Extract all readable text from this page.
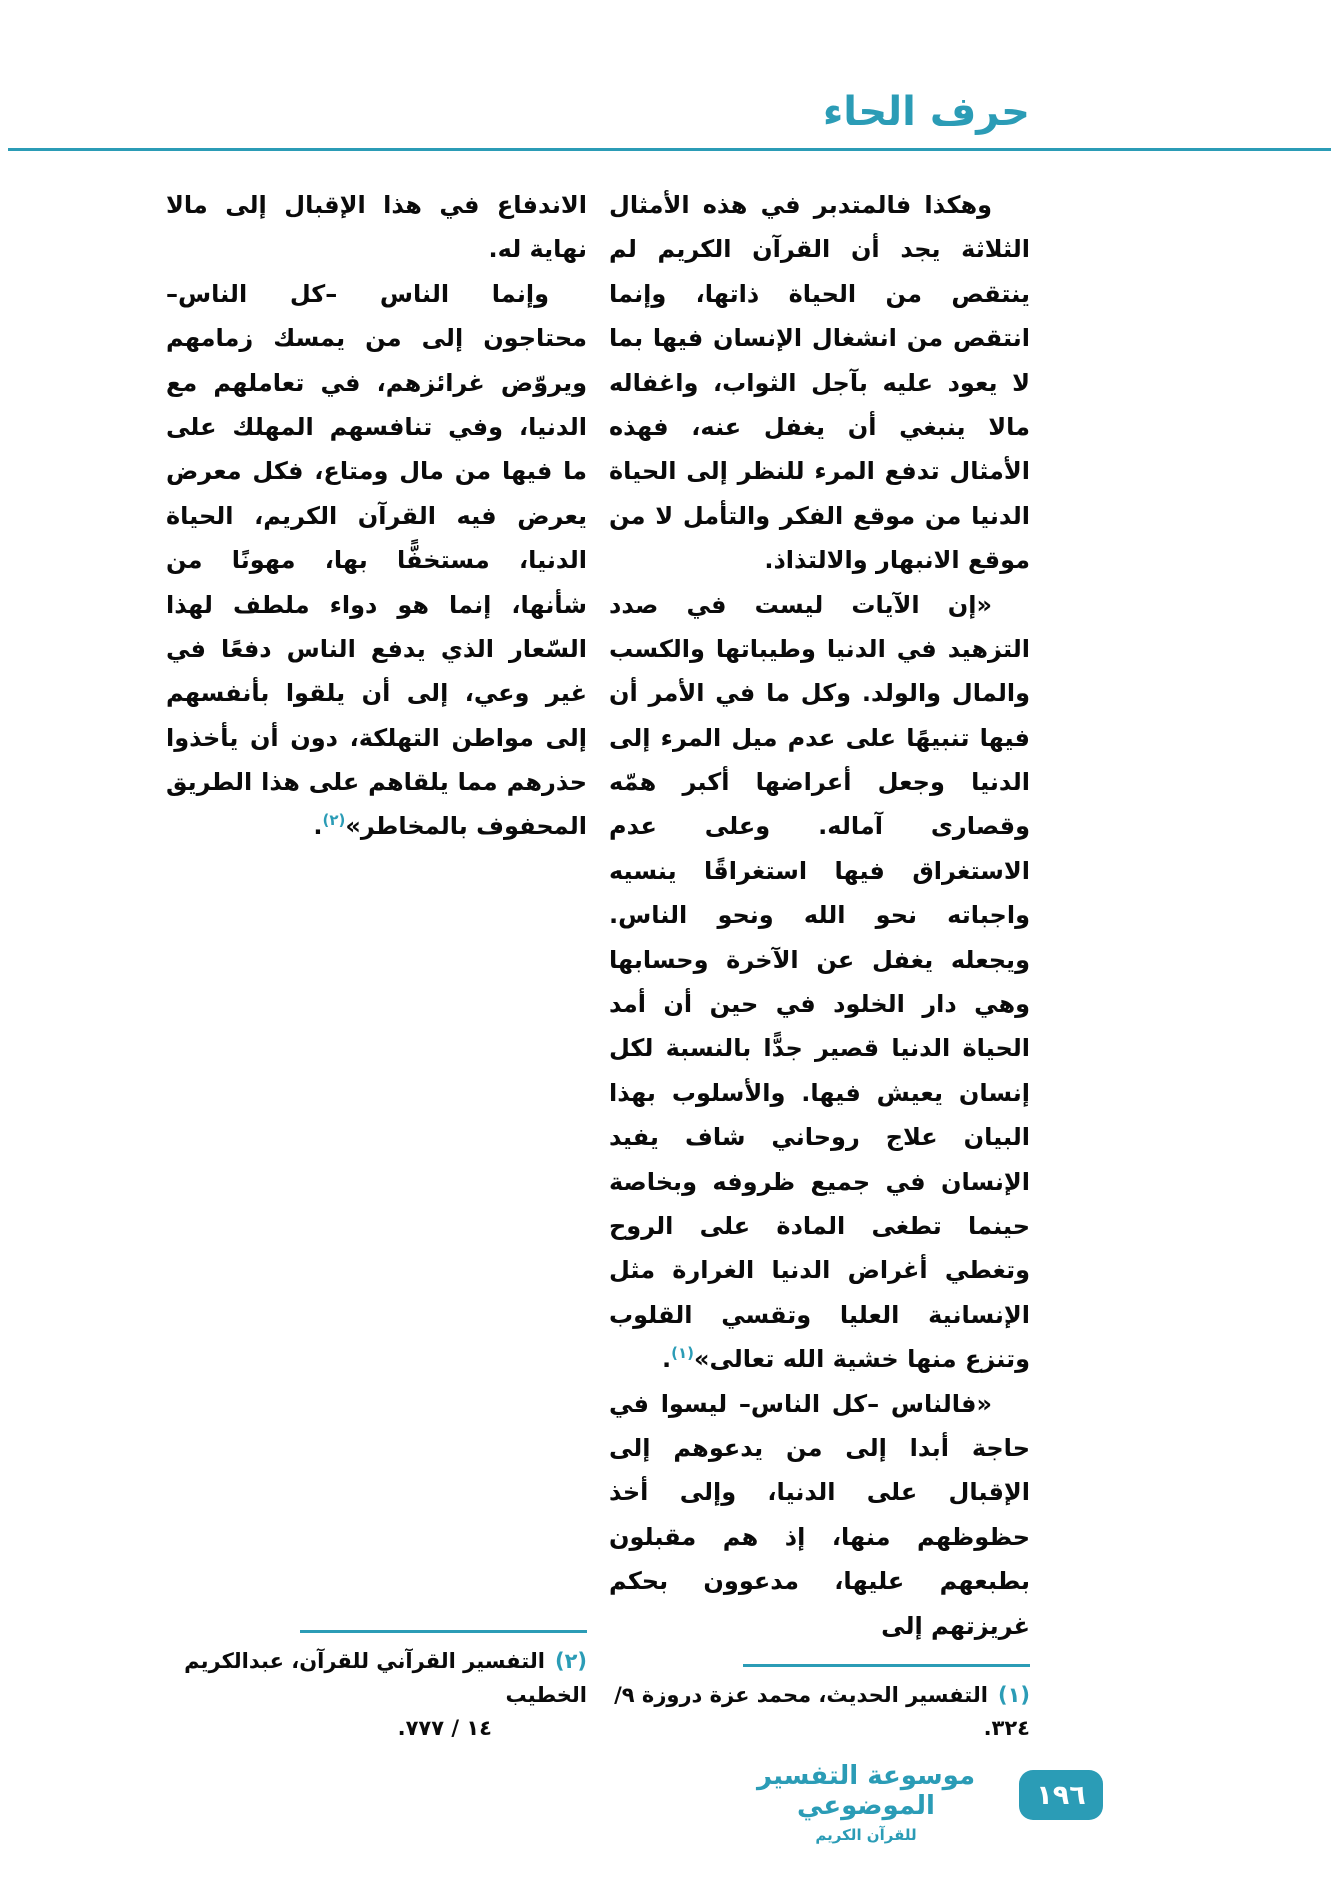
حرف الحاء

وهكذا فالمتدبر في هذه الأمثال الثلاثة يجد أن القرآن الكريم لم ينتقص من الحياة ذاتها، وإنما انتقص من انشغال الإنسان فيها بما لا يعود عليه بآجل الثواب، واغفاله مالا ينبغي أن يغفل عنه، فهذه الأمثال تدفع المرء للنظر إلى الحياة الدنيا من موقع الفكر والتأمل لا من موقع الانبهار والالتذاذ.

«إن الآيات ليست في صدد التزهيد في الدنيا وطيباتها والكسب والمال والولد. وكل ما في الأمر أن فيها تنبيهًا على عدم ميل المرء إلى الدنيا وجعل أعراضها أكبر همّه وقصارى آماله. وعلى عدم الاستغراق فيها استغراقًا ينسيه واجباته نحو الله ونحو الناس. ويجعله يغفل عن الآخرة وحسابها وهي دار الخلود في حين أن أمد الحياة الدنيا قصير جدًّا بالنسبة لكل إنسان يعيش فيها. والأسلوب بهذا البيان علاج روحاني شاف يفيد الإنسان في جميع ظروفه وبخاصة حينما تطغى المادة على الروح وتغطي أغراض الدنيا الغرارة مثل الإنسانية العليا وتقسي القلوب وتنزع منها خشية الله تعالى»$^{(١)}$.

«فالناس –كل الناس– ليسوا في حاجة أبدا إلى من يدعوهم إلى الإقبال على الدنيا، وإلى أخذ حظوظهم منها، إذ هم مقبلون بطبعهم عليها، مدعوون بحكم غريزتهم إلى

(١)التفسير الحديث، محمد عزة دروزة ٩/ ٣٢٤.

الاندفاع في هذا الإقبال إلى مالا نهاية له.

وإنما الناس –كل الناس– محتاجون إلى من يمسك زمامهم ويروّض غرائزهم، في تعاملهم مع الدنيا، وفي تنافسهم المهلك على ما فيها من مال ومتاع، فكل معرض يعرض فيه القرآن الكريم، الحياة الدنيا، مستخفًّا بها، مهونًا من شأنها، إنما هو دواء ملطف لهذا السّعار الذي يدفع الناس دفعًا في غير وعي، إلى أن يلقوا بأنفسهم إلى مواطن التهلكة، دون أن يأخذوا حذرهم مما يلقاهم على هذا الطريق المحفوف بالمخاطر»$^{(٢)}$.

(٢)التفسير القرآني للقرآن، عبدالكريم الخطيب

١٤ / ٧٧٧.

موسوعة التفسير الموضوعي
للقرآن الكريم
١٩٦
